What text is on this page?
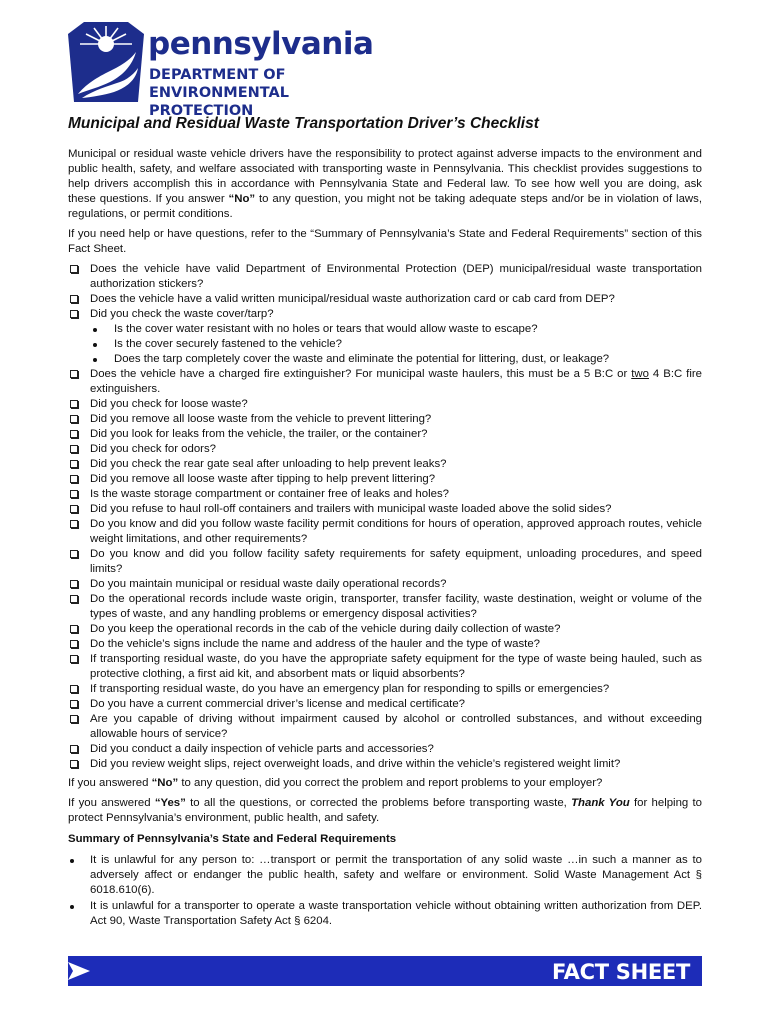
pennsylvania
DEPARTMENT OF ENVIRONMENTAL
PROTECTION
Municipal and Residual Waste Transportation Driver’s Checklist

Municipal or residual waste vehicle drivers have the responsibility to protect against adverse impacts to the environment and public health, safety, and welfare associated with transporting waste in Pennsylvania. This checklist provides suggestions to help drivers accomplish this in accordance with Pennsylvania State and Federal law. To see how well you are doing, ask these questions. If you answer “No” to any question, you might not be taking adequate steps and/or be in violation of laws, regulations, or permit conditions.

If you need help or have questions, refer to the “Summary of Pennsylvania’s State and Federal Requirements” section of this Fact Sheet.

Does the vehicle have valid Department of Environmental Protection (DEP) municipal/residual waste transportation authorization stickers?
Does the vehicle have a valid written municipal/residual waste authorization card or cab card from DEP?
Did you check the waste cover/tarp?
Is the cover water resistant with no holes or tears that would allow waste to escape?
Is the cover securely fastened to the vehicle?
Does the tarp completely cover the waste and eliminate the potential for littering, dust, or leakage?
Does the vehicle have a charged fire extinguisher? For municipal waste haulers, this must be a 5 B:C or two 4 B:C fire extinguishers.
Did you check for loose waste?
Did you remove all loose waste from the vehicle to prevent littering?
Did you look for leaks from the vehicle, the trailer, or the container?
Did you check for odors?
Did you check the rear gate seal after unloading to help prevent leaks?
Did you remove all loose waste after tipping to help prevent littering?
Is the waste storage compartment or container free of leaks and holes?
Did you refuse to haul roll-off containers and trailers with municipal waste loaded above the solid sides?
Do you know and did you follow waste facility permit conditions for hours of operation, approved approach routes, vehicle weight limitations, and other requirements?
Do you know and did you follow facility safety requirements for safety equipment, unloading procedures, and speed limits?
Do you maintain municipal or residual waste daily operational records?
Do the operational records include waste origin, transporter, transfer facility, waste destination, weight or volume of the types of waste, and any handling problems or emergency disposal activities?
Do you keep the operational records in the cab of the vehicle during daily collection of waste?
Do the vehicle’s signs include the name and address of the hauler and the type of waste?
If transporting residual waste, do you have the appropriate safety equipment for the type of waste being hauled, such as protective clothing, a first aid kit, and absorbent mats or liquid absorbents?
If transporting residual waste, do you have an emergency plan for responding to spills or emergencies?
Do you have a current commercial driver’s license and medical certificate?
Are you capable of driving without impairment caused by alcohol or controlled substances, and without exceeding allowable hours of service?
Did you conduct a daily inspection of vehicle parts and accessories?
Did you review weight slips, reject overweight loads, and drive within the vehicle’s registered weight limit?

If you answered “No” to any question, did you correct the problem and report problems to your employer?

If you answered “Yes” to all the questions, or corrected the problems before transporting waste, Thank You for helping to protect Pennsylvania’s environment, public health, and safety.

Summary of Pennsylvania’s State and Federal Requirements
It is unlawful for any person to: …transport or permit the transportation of any solid waste …in such a manner as to adversely affect or endanger the public health, safety and welfare or environment. Solid Waste Management Act § 6018.610(6).
It is unlawful for a transporter to operate a waste transportation vehicle without obtaining written authorization from DEP. Act 90, Waste Transportation Safety Act § 6204.
FACT SHEET
